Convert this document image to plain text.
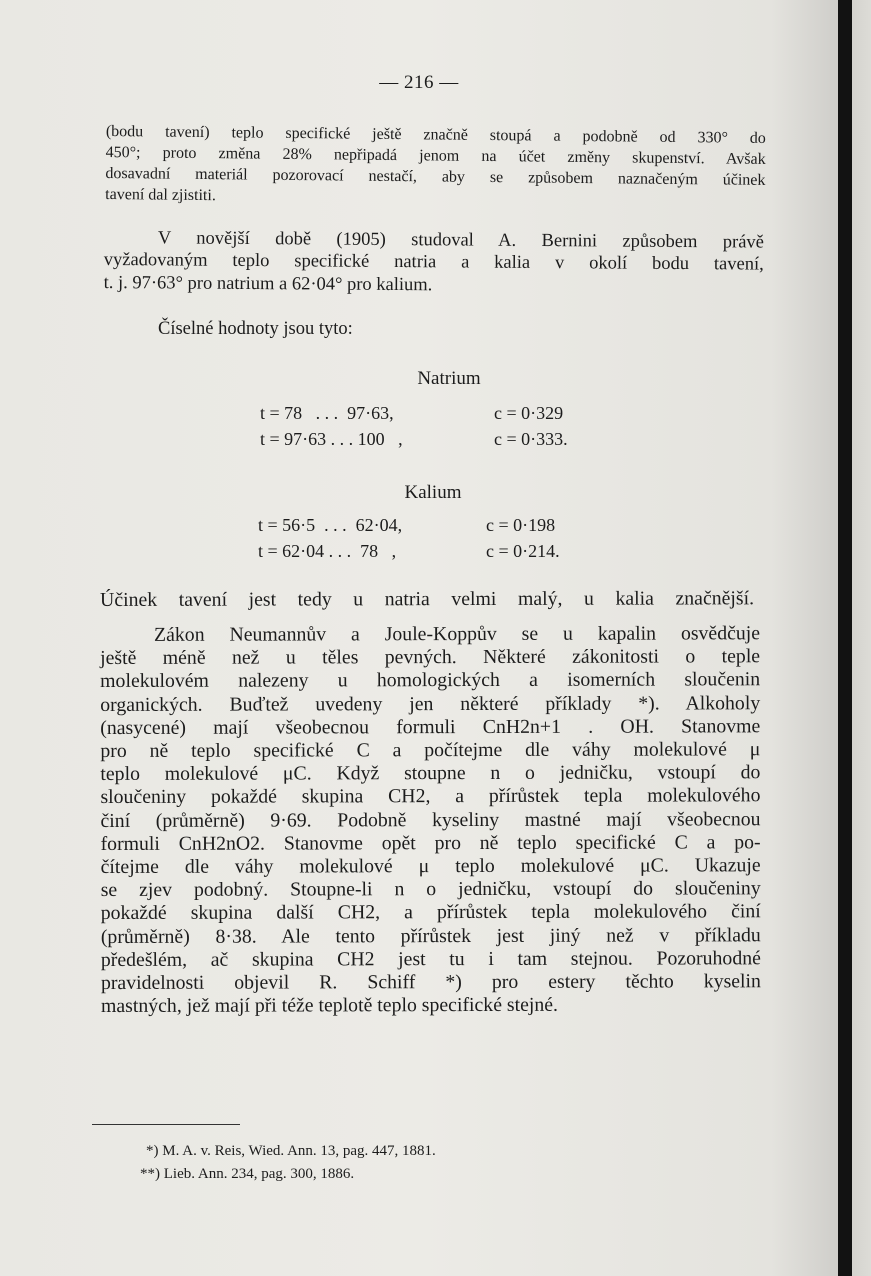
— 216 —

(bodu tavení) teplo specifické ještě značně stoupá a podobně od 330° do

450°; proto změna 28% nepřipadá jenom na účet změny skupenství. Avšak

dosavadní materiál pozorovací nestačí, aby se způsobem naznačeným účinek

tavení dal zjistiti.

V novější době (1905) studoval A. Bernini způsobem právě

vyžadovaným teplo specifické natria a kalia v okolí bodu tavení,

t. j. 97·63° pro natrium a 62·04° pro kalium.

Číselné hodnoty jsou tyto:

Natrium
t = 78   . . .  97·63,	c = 0·329
t = 97·63 . . . 100   ,	c = 0·333.
Kalium
t = 56·5  . . .  62·04,	c = 0·198
t = 62·04 . . .  78   ,	c = 0·214.

Účinek tavení jest tedy u natria velmi malý, u kalia značnější.

Zákon Neumannův a Joule-Koppův se u kapalin osvědčuje

ještě méně než u těles pevných. Některé zákonitosti o teple

molekulovém nalezeny u homologických a isomerních sloučenin

organických. Buďtež uvedeny jen některé příklady *). Alkoholy

(nasycené) mají všeobecnou formuli CnH2n+1 . OH. Stanovme

pro ně teplo specifické C a počítejme dle váhy molekulové μ

teplo molekulové μC. Když stoupne n o jedničku, vstoupí do

sloučeniny pokaždé skupina CH2, a přírůstek tepla molekulového

činí (průměrně) 9·69. Podobně kyseliny mastné mají všeobecnou

formuli CnH2nO2. Stanovme opět pro ně teplo specifické C a po-

čítejme dle váhy molekulové μ teplo molekulové μC. Ukazuje

se zjev podobný. Stoupne-li n o jedničku, vstoupí do sloučeniny

pokaždé skupina další CH2, a přírůstek tepla molekulového činí

(průměrně) 8·38. Ale tento přírůstek jest jiný než v příkladu

předešlém, ač skupina CH2 jest tu i tam stejnou. Pozoruhodné

pravidelnosti objevil R. Schiff *) pro estery těchto kyselin

mastných, jež mají při téže teplotě teplo specifické stejné.

*) M. A. v. Reis, Wied. Ann. 13, pag. 447, 1881.
**) Lieb. Ann. 234, pag. 300, 1886.
